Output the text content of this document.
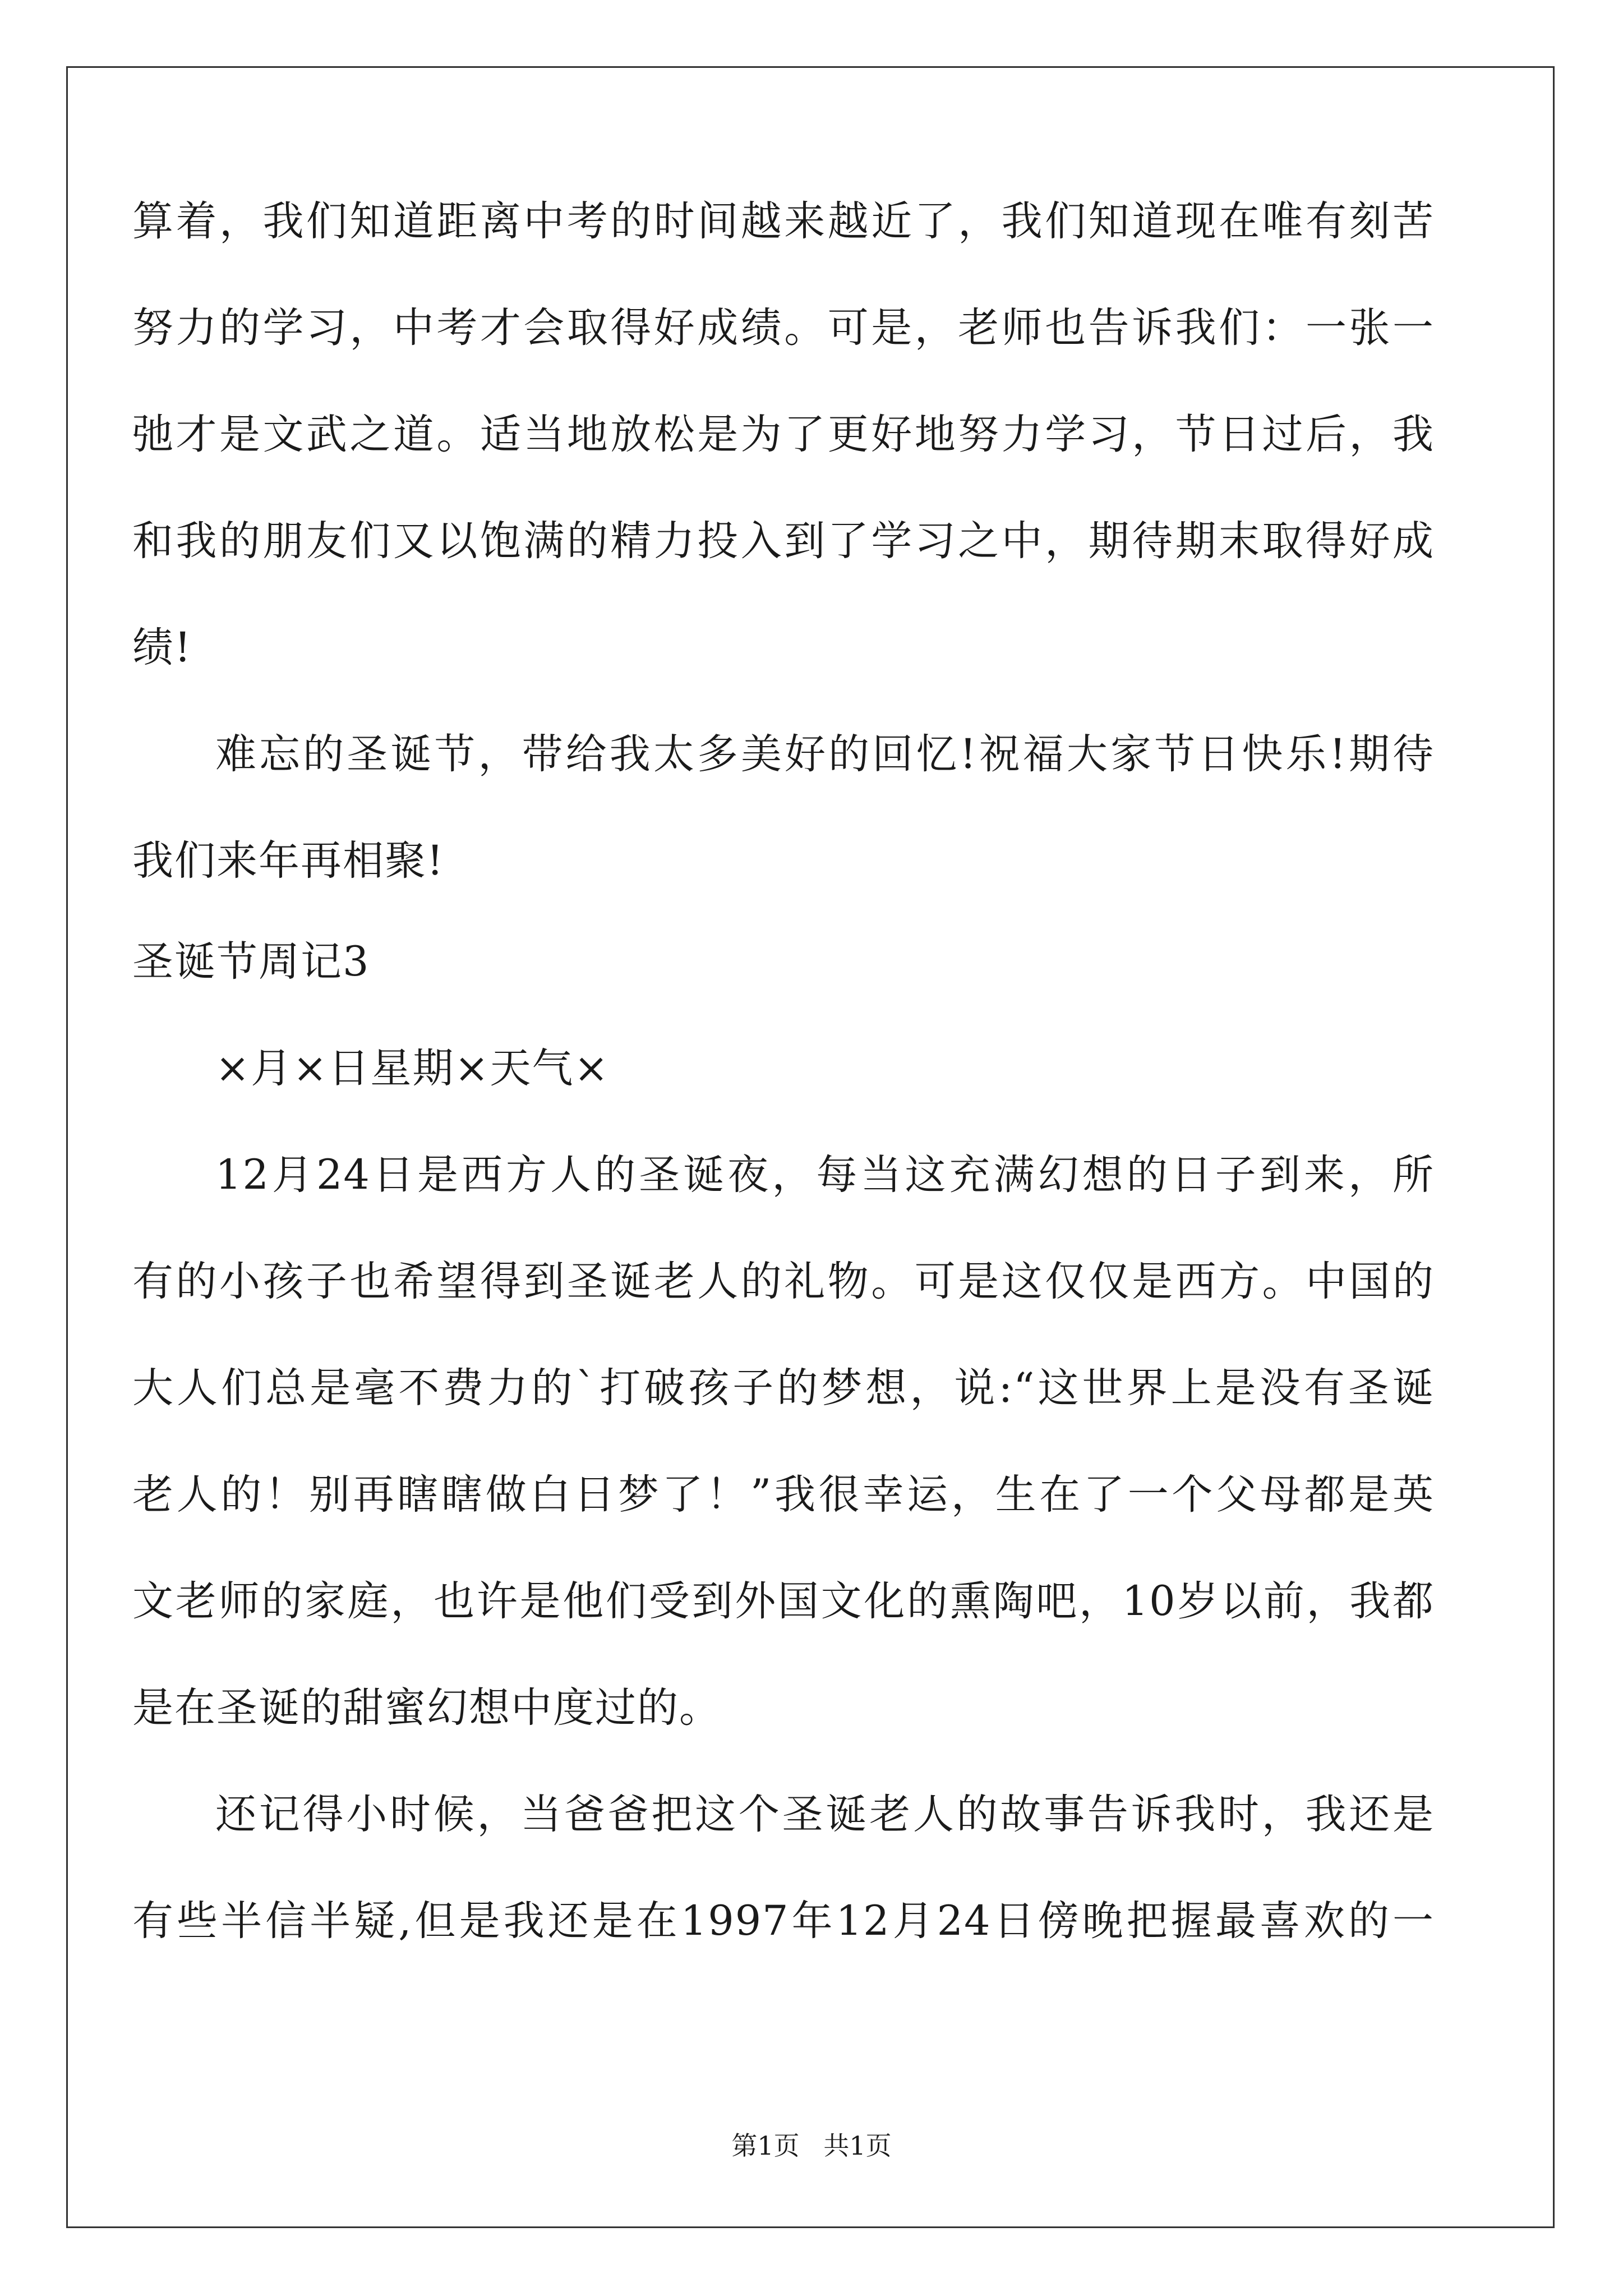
算着，我们知道距离中考的时间越来越近了，我们知道现在唯有刻苦
努力的学习，中考才会取得好成绩。可是，老师也告诉我们：一张一
弛才是文武之道。适当地放松是为了更好地努力学习，节日过后，我
和我的朋友们又以饱满的精力投入到了学习之中，期待期末取得好成
绩!
难忘的圣诞节，带给我太多美好的回忆!祝福大家节日快乐!期待
我们来年再相聚!
圣诞节周记3
×月×日星期×天气×
12月24日是西方人的圣诞夜，每当这充满幻想的日子到来，所
有的小孩子也希望得到圣诞老人的礼物。可是这仅仅是西方。中国的
大人们总是毫不费力的`打破孩子的梦想，说:“这世界上是没有圣诞
老人的！别再瞎瞎做白日梦了！”我很幸运，生在了一个父母都是英
文老师的家庭，也许是他们受到外国文化的熏陶吧，10岁以前，我都
是在圣诞的甜蜜幻想中度过的。
还记得小时候，当爸爸把这个圣诞老人的故事告诉我时，我还是
有些半信半疑,但是我还是在1997年12月24日傍晚把握最喜欢的一
第1页 共1页
